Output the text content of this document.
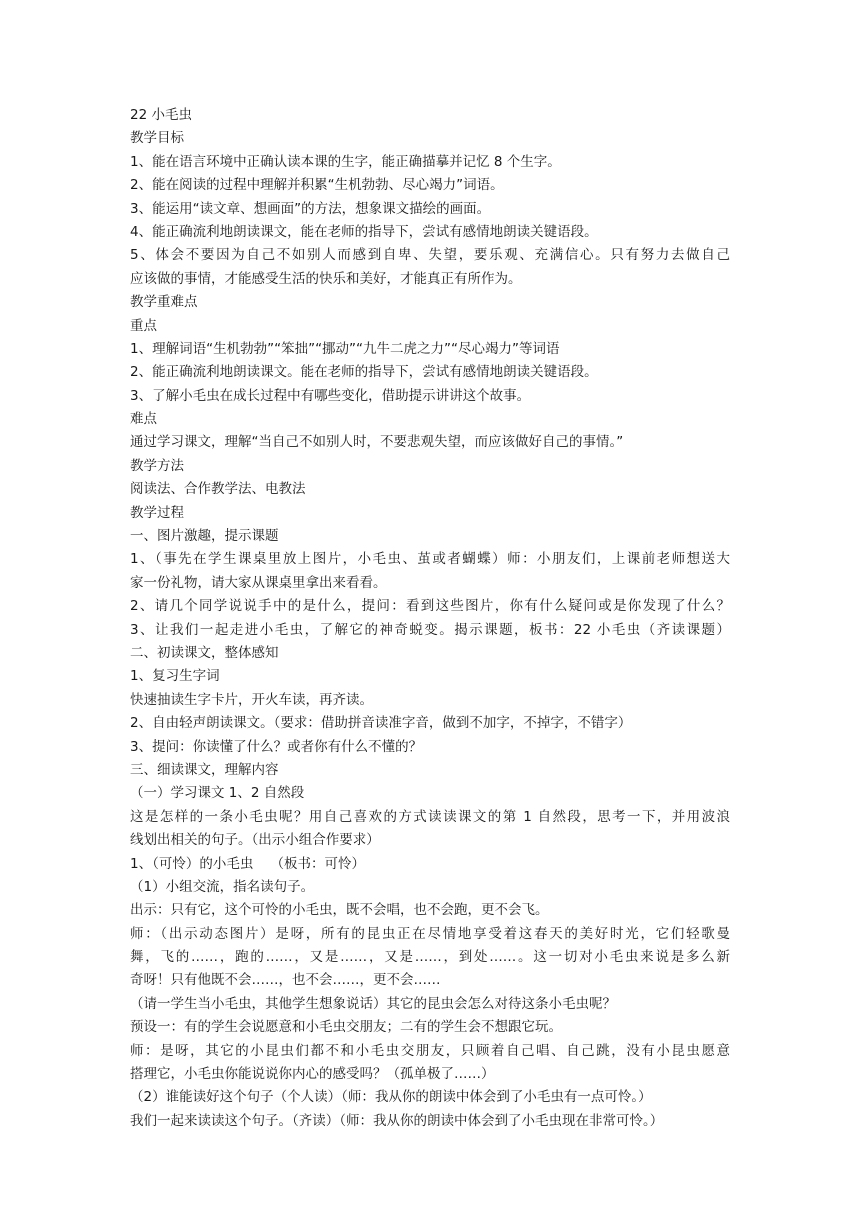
22 小毛虫
教学目标
1、能在语言环境中正确认读本课的生字，能正确描摹并记忆 8 个生字。
2、能在阅读的过程中理解并积累“生机勃勃、尽心竭力”词语。
3、能运用“读文章、想画面”的方法，想象课文描绘的画面。
4、能正确流利地朗读课文，能在老师的指导下，尝试有感情地朗读关键语段。
5、体会不要因为自己不如别人而感到自卑、失望，要乐观、充满信心。只有努力去做自己
应该做的事情，才能感受生活的快乐和美好，才能真正有所作为。
教学重难点
重点
1、理解词语“生机勃勃”“笨拙”“挪动”“九牛二虎之力”“尽心竭力”等词语
2、能正确流利地朗读课文。能在老师的指导下，尝试有感情地朗读关键语段。
3、了解小毛虫在成长过程中有哪些变化，借助提示讲讲这个故事。
难点
通过学习课文，理解“当自己不如别人时，不要悲观失望，而应该做好自己的事情。”
教学方法
阅读法、合作教学法、电教法
教学过程
一、图片激趣，提示课题
1、（事先在学生课桌里放上图片，小毛虫、茧或者蝴蝶）师：小朋友们，上课前老师想送大
家一份礼物，请大家从课桌里拿出来看看。
2、请几个同学说说手中的是什么，提问：看到这些图片，你有什么疑问或是你发现了什么？
3、让我们一起走进小毛虫，了解它的神奇蜕变。揭示课题，板书：22 小毛虫（齐读课题）
二、初读课文，整体感知
1、复习生字词
快速抽读生字卡片，开火车读，再齐读。
2、自由轻声朗读课文。（要求：借助拼音读准字音，做到不加字，不掉字，不错字）
3、提问：你读懂了什么？或者你有什么不懂的？
三、细读课文，理解内容
（一）学习课文 1、2 自然段
这是怎样的一条小毛虫呢？用自己喜欢的方式读读课文的第 1 自然段，思考一下，并用波浪
线划出相关的句子。（出示小组合作要求）
1、（可怜）的小毛虫    （板书：可怜）
（1）小组交流，指名读句子。
出示：只有它，这个可怜的小毛虫，既不会唱，也不会跑，更不会飞。
师：（出示动态图片）是呀，所有的昆虫正在尽情地享受着这春天的美好时光，它们轻歌曼
舞，飞的……，跑的……，又是……，又是……，到处……。这一切对小毛虫来说是多么新
奇呀！只有他既不会……，也不会……，更不会……
（请一学生当小毛虫，其他学生想象说话）其它的昆虫会怎么对待这条小毛虫呢？
预设一：有的学生会说愿意和小毛虫交朋友；二有的学生会不想跟它玩。
师：是呀，其它的小昆虫们都不和小毛虫交朋友，只顾着自己唱、自己跳，没有小昆虫愿意
搭理它，小毛虫你能说说你内心的感受吗？（孤单极了……）
（2）谁能读好这个句子（个人读）（师：我从你的朗读中体会到了小毛虫有一点可怜。）
我们一起来读读这个句子。（齐读）（师：我从你的朗读中体会到了小毛虫现在非常可怜。）
